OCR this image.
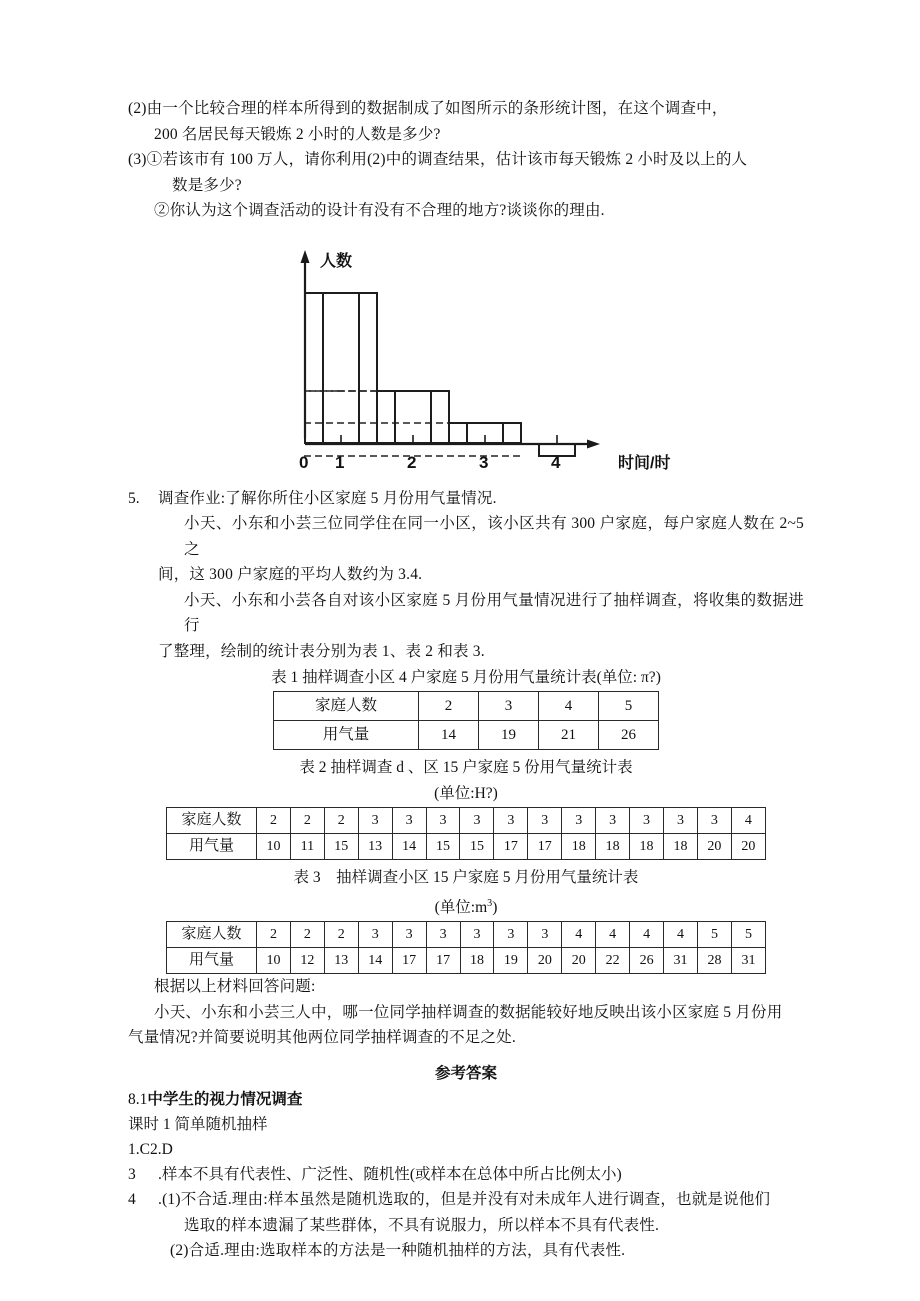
(2)由一个比较合理的样本所得到的数据制成了如图所示的条形统计图，在这个调查中，

200 名居民每天锻炼 2 小时的人数是多少?

(3)①若该市有 100 万人，请你利用(2)中的调查结果，估计该市每天锻炼 2 小时及以上的人

数是多少?

②你认为这个调查活动的设计有没有不合理的地方?谈谈你的理由.

人数
0 1	2	3	4	时间/时
5.	调查作业:了解你所住小区家庭 5 月份用气量情况.

小天、小东和小芸三位同学住在同一小区，该小区共有 300 户家庭，每户家庭人数在 2~5 之

间，这 300 户家庭的平均人数约为 3.4.

小天、小东和小芸各自对该小区家庭 5 月份用气量情况进行了抽样调查，将收集的数据进行

了整理，绘制的统计表分别为表 1、表 2 和表 3.

表 1 抽样调查小区 4 户家庭 5 月份用气量统计表(单位: π?)
家庭人数	2	3	4	5
用气量	14	19	21	26
表 2 抽样调查 d 、区 15 户家庭 5 份用气量统计表
(单位:H?)
家庭人数	2	2	2	3	3	3	3	3	3	3	3	3	3	3	4
用气量	10	11	15	13	14	15	15	17	17	18	18	18	18	20	20
表 3　抽样调查小区 15 户家庭 5 月份用气量统计表
(单位$:m^3$)
家庭人数	2	2	2	3	3	3	3	3	3	4	4	4	4	5	5
用气量	10	12	13	14	17	17	18	19	20	20	22	26	31	28	31

根据以上材料回答问题:

小天、小东和小芸三人中，哪一位同学抽样调查的数据能较好地反映出该小区家庭 5 月份用

气量情况?并简要说明其他两位同学抽样调查的不足之处.

参考答案
8.1中学生的视力情况调查
课时 1 简单随机抽样
1.C2.D
3	.样本不具有代表性、广泛性、随机性(或样本在总体中所占比例太小)
4	.(1)不合适.理由:样本虽然是随机选取的，但是并没有对未成年人进行调查，也就是说他们

选取的样本遗漏了某些群体，不具有说服力，所以样本不具有代表性.

(2)合适.理由:选取样本的方法是一种随机抽样的方法，具有代表性.
